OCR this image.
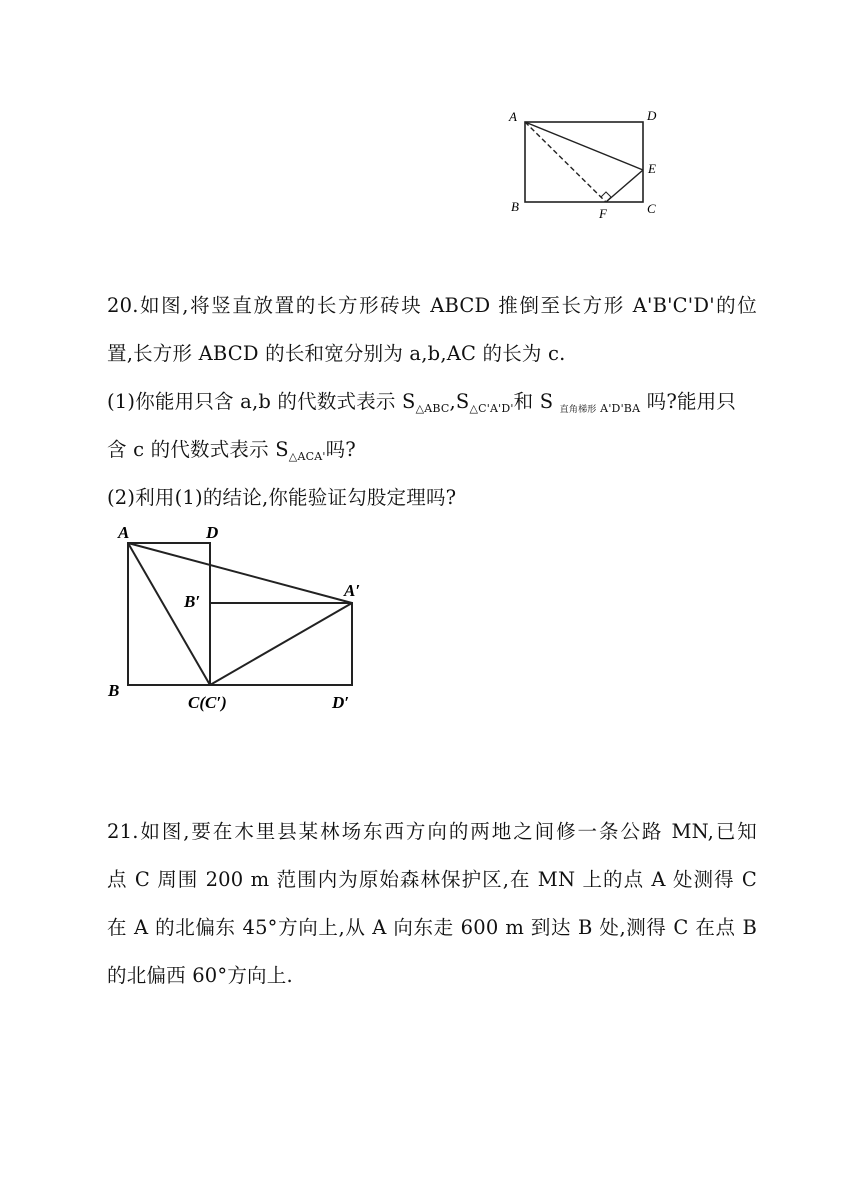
A	D
E
B	F	C
20.如图,将竖直放置的长方形砖块 ABCD 推倒至长方形 A'B'C'D'的位
置,长方形 ABCD 的长和宽分别为 a,b,AC 的长为 c.
(1)你能用只含 a,b 的代数式表示 $S_{\triangle ABC},S_{\triangle C'A'D'}$和 S $_{直角梯形}$ $_{A'D'BA}$ 吗?能用只
含 c 的代数式表示 $S_{\triangle ACA'}$吗?
(2)利用(1)的结论,你能验证勾股定理吗?
A	D
B′
A′
B
C(C′)	D′
21.如图,要在木里县某林场东西方向的两地之间修一条公路 MN,已知
点 C 周围 200 m 范围内为原始森林保护区,在 MN 上的点 A 处测得 C
在 A 的北偏东 45°方向上,从 A 向东走 600 m 到达 B 处,测得 C 在点 B
的北偏西 60°方向上.
